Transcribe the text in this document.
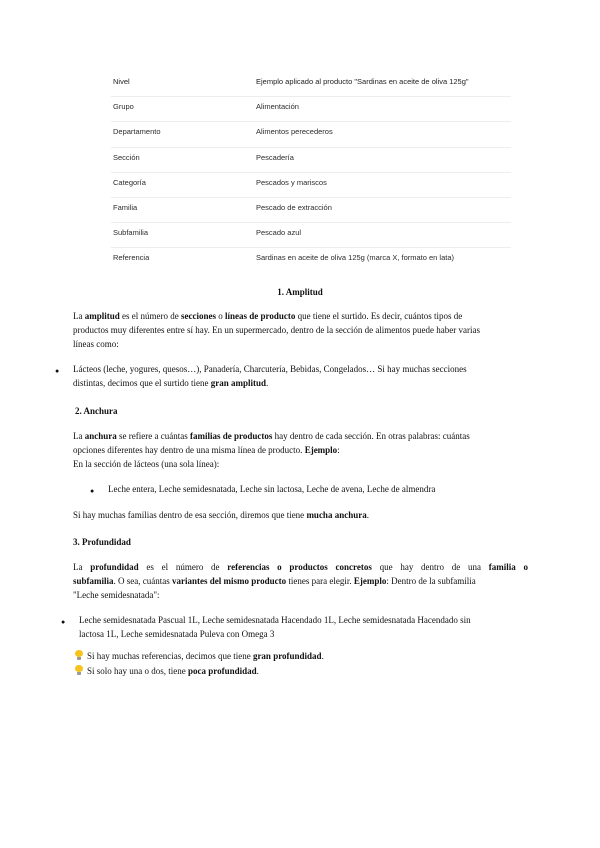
Nivel	Ejemplo aplicado al producto "Sardinas en aceite de oliva 125g"
Grupo	Alimentación
Departamento	Alimentos perecederos
Sección	Pescadería
Categoría	Pescados y mariscos
Familia	Pescado de extracción
Subfamilia	Pescado azul
Referencia	Sardinas en aceite de oliva 125g (marca X, formato en lata)
1. Amplitud
La amplitud es el número de secciones o líneas de producto que tiene el surtido. Es decir, cuántos tipos de
productos muy diferentes entre sí hay. En un supermercado, dentro de la sección de alimentos puede haber varias
líneas como:
● Lácteos (leche, yogures, quesos…), Panadería, Charcutería, Bebidas, Congelados… Si hay muchas secciones
distintas, decimos que el surtido tiene gran amplitud.
2. Anchura
La anchura se refiere a cuántas familias de productos hay dentro de cada sección. En otras palabras: cuántas
opciones diferentes hay dentro de una misma línea de producto. Ejemplo:
En la sección de lácteos (una sola línea):
● Leche entera, Leche semidesnatada, Leche sin lactosa, Leche de avena, Leche de almendra
Si hay muchas familias dentro de esa sección, diremos que tiene mucha anchura.
3. Profundidad
La profundidad es el número de referencias o productos concretos que hay dentro de una familia o
subfamilia. O sea, cuántas variantes del mismo producto tienes para elegir. Ejemplo: Dentro de la subfamilia
"Leche semidesnatada":
● Leche semidesnatada Pascual 1L, Leche semidesnatada Hacendado 1L, Leche semidesnatada Hacendado sin
lactosa 1L, Leche semidesnatada Puleva con Omega 3
Si hay muchas referencias, decimos que tiene gran profundidad.
Si solo hay una o dos, tiene poca profundidad.
